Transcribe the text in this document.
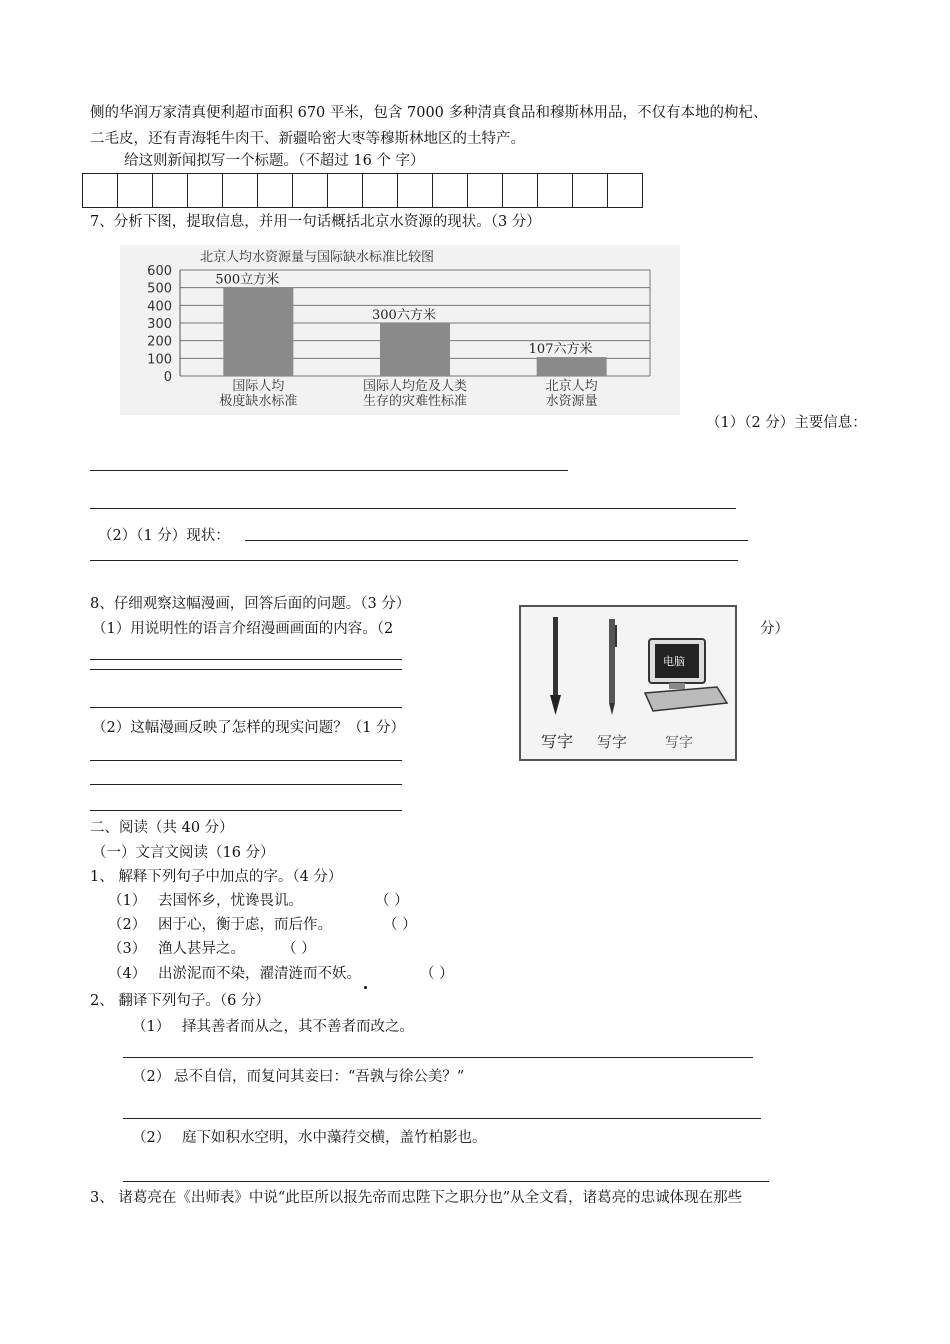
侧的华润万家清真便利超市面积 670 平米，包含 7000 多种清真食品和穆斯林用品，不仅有本地的枸杞、
二毛皮，还有青海牦牛肉干、新疆哈密大枣等穆斯林地区的土特产。
给这则新闻拟写一个标题。（不超过 16 个 字）
7、分析下图，提取信息，并用一句话概括北京水资源的现状。（3 分）
北京人均水资源量与国际缺水标准比较图
600
500
400
300
200
100
0
500立方米
300六方米
107六方米
国际人均
极度缺水标准
国际人均危及人类
生存的灾难性标准
北京人均
水资源量
（1）（2 分）主要信息：
（2）（1 分）现状：
8、仔细观察这幅漫画，回答后面的问题。（3 分）
（1）用说明性的语言介绍漫画画面的内容。（2	分）
（2）这幅漫画反映了怎样的现实问题？（1 分）
电脑
写字 写字	写字
二、阅读（共 40 分）
（一）文言文阅读（16 分）
1、 解释下列句子中加点的字。（4 分）
（1） 去国怀乡，忧谗畏讥。	（ ）
（2） 困于心，衡于虑，而后作。	（ ）
（3） 渔人甚异之。	（ ）
（4） 出淤泥而不染，濯清涟而不妖。	（ ）
2、 翻译下列句子。（6 分）
（1） 择其善者而从之，其不善者而改之。
（2） 忌不自信，而复问其妾曰：“吾孰与徐公美？”
（2） 庭下如积水空明，水中藻荇交横，盖竹柏影也。
3、 诸葛亮在《出师表》中说“此臣所以报先帝而忠陛下之职分也”从全文看，诸葛亮的忠诚体现在那些
